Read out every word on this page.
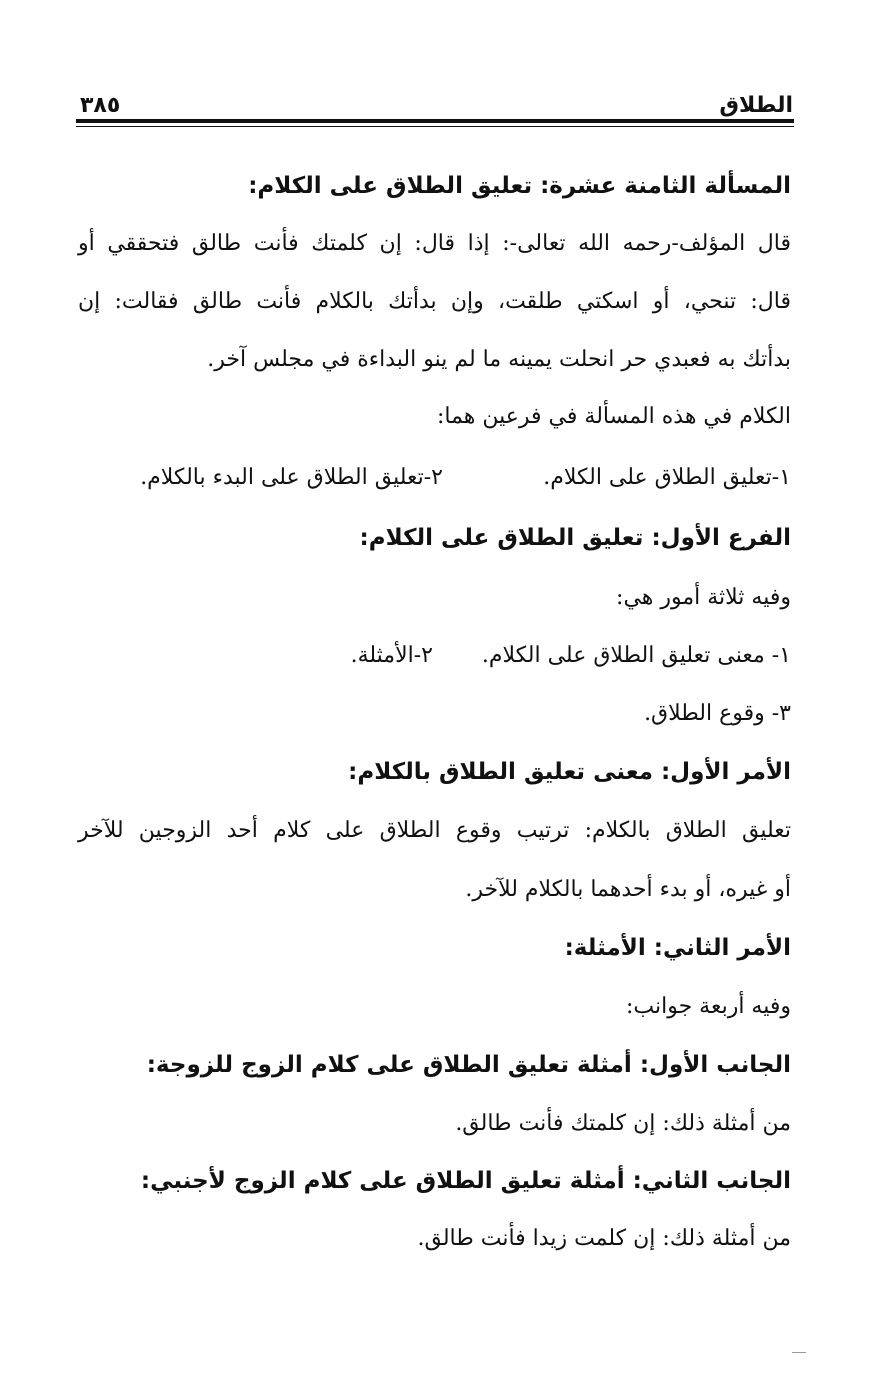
الطلاق
٣٨٥
المسألة الثامنة عشرة: تعليق الطلاق على الكلام:
قال المؤلف-رحمه الله تعالى-: إذا قال: إن كلمتك فأنت طالق فتحققي أو
قال: تنحي، أو اسكتي طلقت، وإن بدأتك بالكلام فأنت طالق فقالت: إن
بدأتك به فعبدي حر انحلت يمينه ما لم ينو البداءة في مجلس آخر.
الكلام في هذه المسألة في فرعين هما:
١-تعليق الطلاق على الكلام.
٢-تعليق الطلاق على البدء بالكلام.
الفرع الأول: تعليق الطلاق على الكلام:
وفيه ثلاثة أمور هي:
١- معنى تعليق الطلاق على الكلام.
٢-الأمثلة.
٣- وقوع الطلاق.
الأمر الأول: معنى تعليق الطلاق بالكلام:
تعليق الطلاق بالكلام: ترتيب وقوع الطلاق على كلام أحد الزوجين للآخر
أو غيره، أو بدء أحدهما بالكلام للآخر.
الأمر الثاني: الأمثلة:
وفيه أربعة جوانب:
الجانب الأول: أمثلة تعليق الطلاق على كلام الزوج للزوجة:
من أمثلة ذلك: إن كلمتك فأنت طالق.
الجانب الثاني: أمثلة تعليق الطلاق على كلام الزوج لأجنبي:
من أمثلة ذلك: إن كلمت زيدا فأنت طالق.
